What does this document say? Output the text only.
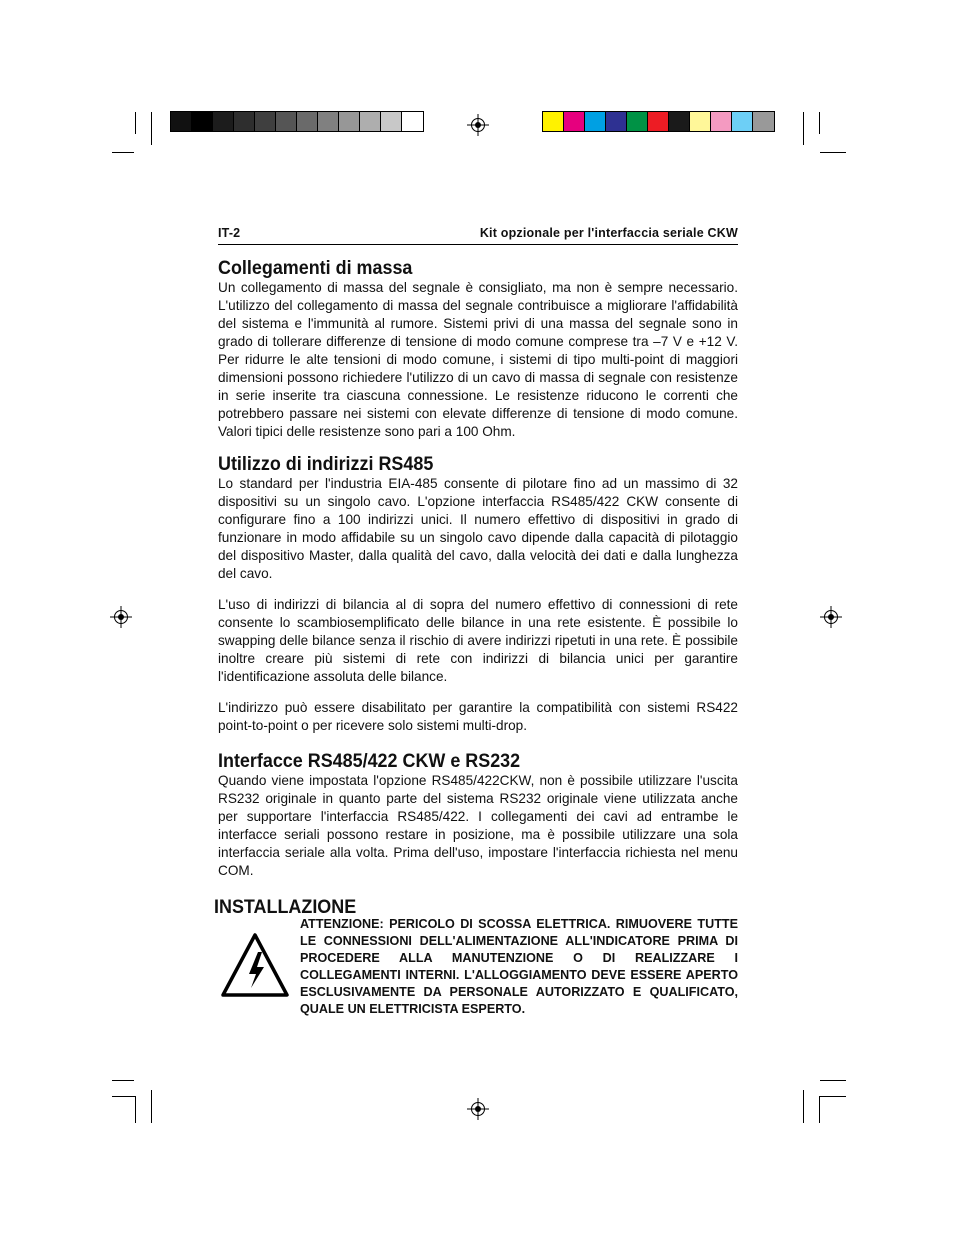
IT-2	Kit opzionale per l'interfaccia seriale CKW
Collegamenti di massa

Un collegamento di massa del segnale è consigliato, ma non è sempre necessario. L'utilizzo del collegamento di massa del segnale contribuisce a migliorare l'affidabilità del sistema e l'immunità al rumore. Sistemi privi di una massa del segnale sono in grado di tollerare differenze di tensione di modo comune comprese tra –7 V e +12 V. Per ridurre le alte tensioni di modo comune, i sistemi di tipo multi-point di maggiori dimensioni possono richiedere l'utilizzo di un cavo di massa di segnale con resistenze in serie inserite tra ciascuna connessione. Le resistenze riducono le correnti che potrebbero passare nei sistemi con elevate differenze di tensione di modo comune. Valori tipici delle resistenze sono pari a 100 Ohm.

Utilizzo di indirizzi RS485

Lo standard per l'industria EIA-485 consente di pilotare fino ad un massimo di 32 dispositivi su un singolo cavo. L'opzione interfaccia RS485/422 CKW consente di configurare fino a 100 indirizzi unici. Il numero effettivo di dispositivi in grado di funzionare in modo affidabile su un singolo cavo dipende dalla capacità di pilotaggio del dispositivo Master, dalla qualità del cavo, dalla velocità dei dati e dalla lunghezza del cavo.

L'uso di indirizzi di bilancia al di sopra del numero effettivo di connessioni di rete consente lo scambiosemplificato delle bilance in una rete esistente. È possibile lo swapping delle bilance senza il rischio di avere indirizzi ripetuti in una rete. È possibile inoltre creare più sistemi di rete con indirizzi di bilancia unici per garantire l'identificazione assoluta delle bilance.

L'indirizzo può essere disabilitato per garantire la compatibilità con sistemi RS422 point-to-point o per ricevere solo sistemi multi-drop.

Interfacce RS485/422 CKW e RS232

Quando viene impostata l'opzione RS485/422CKW, non è possibile utilizzare l'uscita RS232 originale in quanto parte del sistema RS232 originale viene utilizzata anche per supportare l'interfaccia RS485/422. I collegamenti dei cavi ad entrambe le interfacce seriali possono restare in posizione, ma è possibile utilizzare una sola interfaccia seriale alla volta. Prima dell'uso, impostare l'interfaccia richiesta nel menu COM.

INSTALLAZIONE
ATTENZIONE: PERICOLO DI SCOSSA ELETTRICA. RIMUOVERE TUTTE LE CONNESSIONI DELL'ALIMENTAZIONE ALL'INDICATORE PRIMA DI PROCEDERE ALLA MANUTENZIONE O DI REALIZZARE I COLLEGAMENTI INTERNI. L'ALLOGGIAMENTO DEVE ESSERE APERTO ESCLUSIVAMENTE DA PERSONALE AUTORIZZATO E QUALIFICATO, QUALE UN ELETTRICISTA ESPERTO.
